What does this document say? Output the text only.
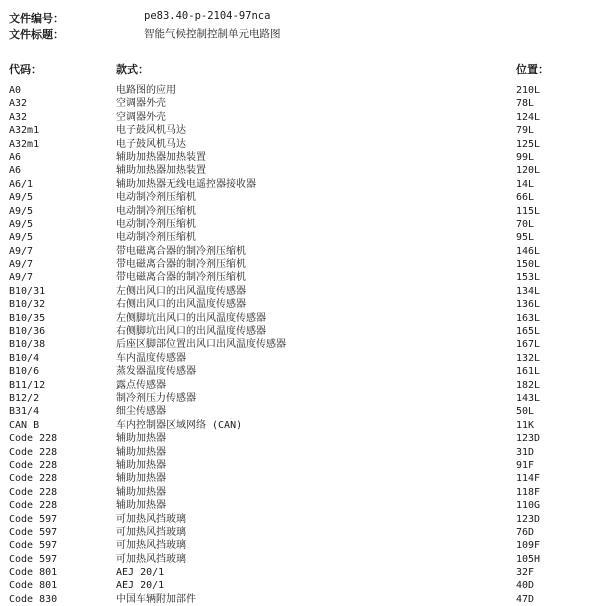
文件编号：	pe83.40-p-2104-97nca
文件标题：	智能气候控制控制单元电路图
代码：	款式：	位置：
A0	电路图的应用	210L
A32	空调器外壳	78L
A32	空调器外壳	124L
A32m1	电子鼓风机马达	79L
A32m1	电子鼓风机马达	125L
A6	辅助加热器加热装置	99L
A6	辅助加热器加热装置	120L
A6/1	辅助加热器无线电遥控器接收器	14L
A9/5	电动制冷剂压缩机	66L
A9/5	电动制冷剂压缩机	115L
A9/5	电动制冷剂压缩机	70L
A9/5	电动制冷剂压缩机	95L
A9/7	带电磁离合器的制冷剂压缩机	146L
A9/7	带电磁离合器的制冷剂压缩机	150L
A9/7	带电磁离合器的制冷剂压缩机	153L
B10/31	左侧出风口的出风温度传感器	134L
B10/32	右侧出风口的出风温度传感器	136L
B10/35	左侧脚坑出风口的出风温度传感器	163L
B10/36	右侧脚坑出风口的出风温度传感器	165L
B10/38	后座区脚部位置出风口出风温度传感器	167L
B10/4	车内温度传感器	132L
B10/6	蒸发器温度传感器	161L
B11/12	露点传感器	182L
B12/2	制冷剂压力传感器	143L
B31/4	细尘传感器	50L
CAN B	车内控制器区域网络 (CAN)	11K
Code 228	辅助加热器	123D
Code 228	辅助加热器	31D
Code 228	辅助加热器	91F
Code 228	辅助加热器	114F
Code 228	辅助加热器	118F
Code 228	辅助加热器	110G
Code 597	可加热风挡玻璃	123D
Code 597	可加热风挡玻璃	76D
Code 597	可加热风挡玻璃	109F
Code 597	可加热风挡玻璃	105H
Code 801	AEJ 20/1	32F
Code 801	AEJ 20/1	40D
Code 830	中国车辆附加部件	47D
